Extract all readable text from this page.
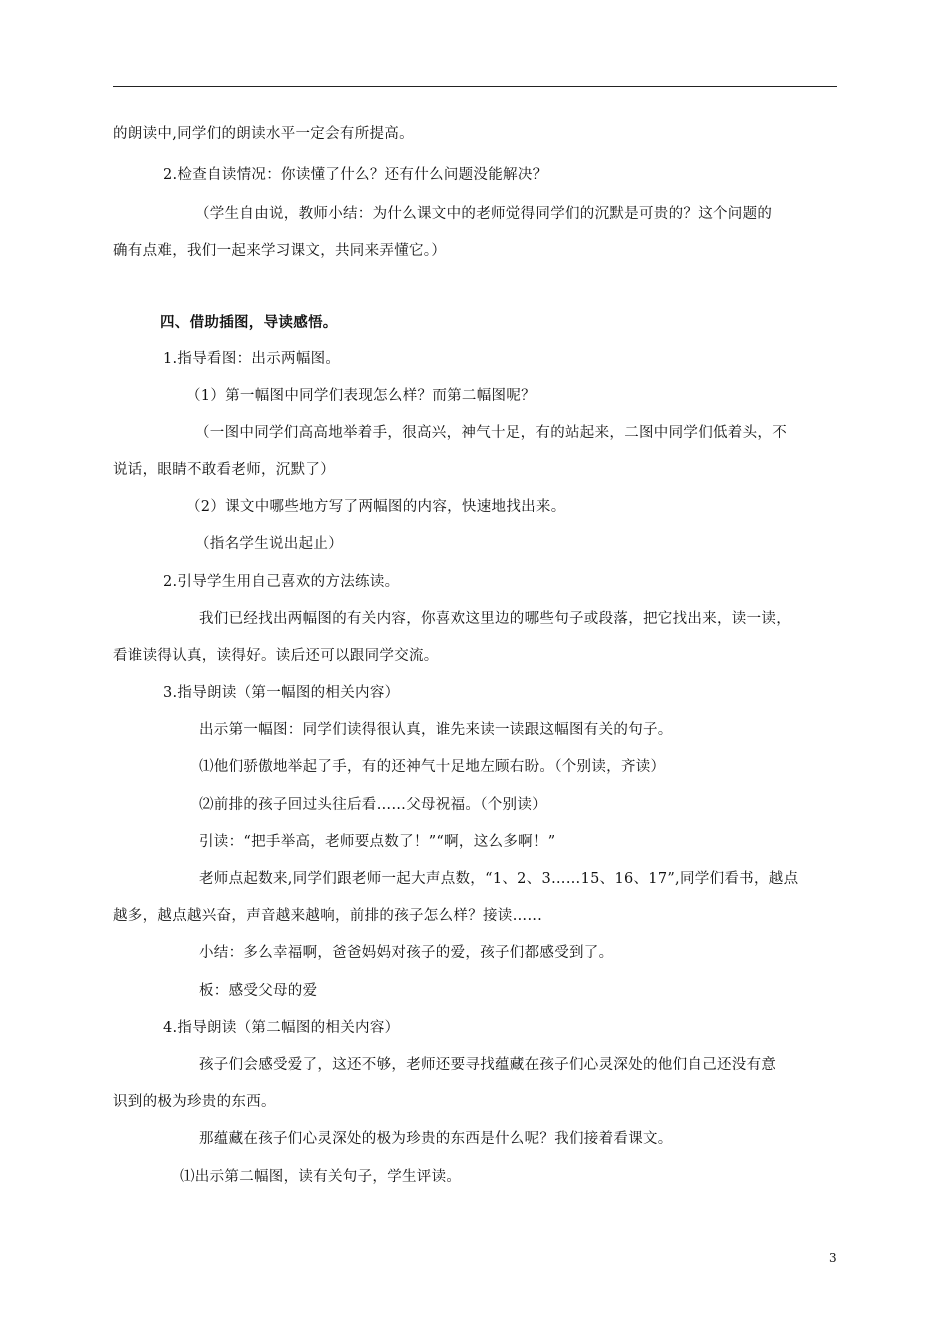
的朗读中,同学们的朗读水平一定会有所提高。
2.检查自读情况：你读懂了什么？还有什么问题没能解决？
（学生自由说，教师小结：为什么课文中的老师觉得同学们的沉默是可贵的？这个问题的
确有点难，我们一起来学习课文，共同来弄懂它。）
四、借助插图，导读感悟。
1.指导看图：出示两幅图。
（1）第一幅图中同学们表现怎么样？而第二幅图呢？
（一图中同学们高高地举着手，很高兴，神气十足，有的站起来，二图中同学们低着头，不
说话，眼睛不敢看老师，沉默了）
（2）课文中哪些地方写了两幅图的内容，快速地找出来。
（指名学生说出起止）
2.引导学生用自己喜欢的方法练读。
我们已经找出两幅图的有关内容，你喜欢这里边的哪些句子或段落，把它找出来，读一读，
看谁读得认真，读得好。读后还可以跟同学交流。
3.指导朗读（第一幅图的相关内容）
出示第一幅图：同学们读得很认真，谁先来读一读跟这幅图有关的句子。
⑴他们骄傲地举起了手，有的还神气十足地左顾右盼。（个别读，齐读）
⑵前排的孩子回过头往后看……父母祝福。（个别读）
引读：“把手举高，老师要点数了！”“啊，这么多啊！”
老师点起数来,同学们跟老师一起大声点数，“1、2、3……15、16、17”,同学们看书，越点
越多，越点越兴奋，声音越来越响，前排的孩子怎么样？接读……
小结：多么幸福啊，爸爸妈妈对孩子的爱，孩子们都感受到了。
板：感受父母的爱
4.指导朗读（第二幅图的相关内容）
孩子们会感受爱了，这还不够，老师还要寻找蕴藏在孩子们心灵深处的他们自己还没有意
识到的极为珍贵的东西。
那蕴藏在孩子们心灵深处的极为珍贵的东西是什么呢？我们接着看课文。
⑴出示第二幅图，读有关句子，学生评读。
3
